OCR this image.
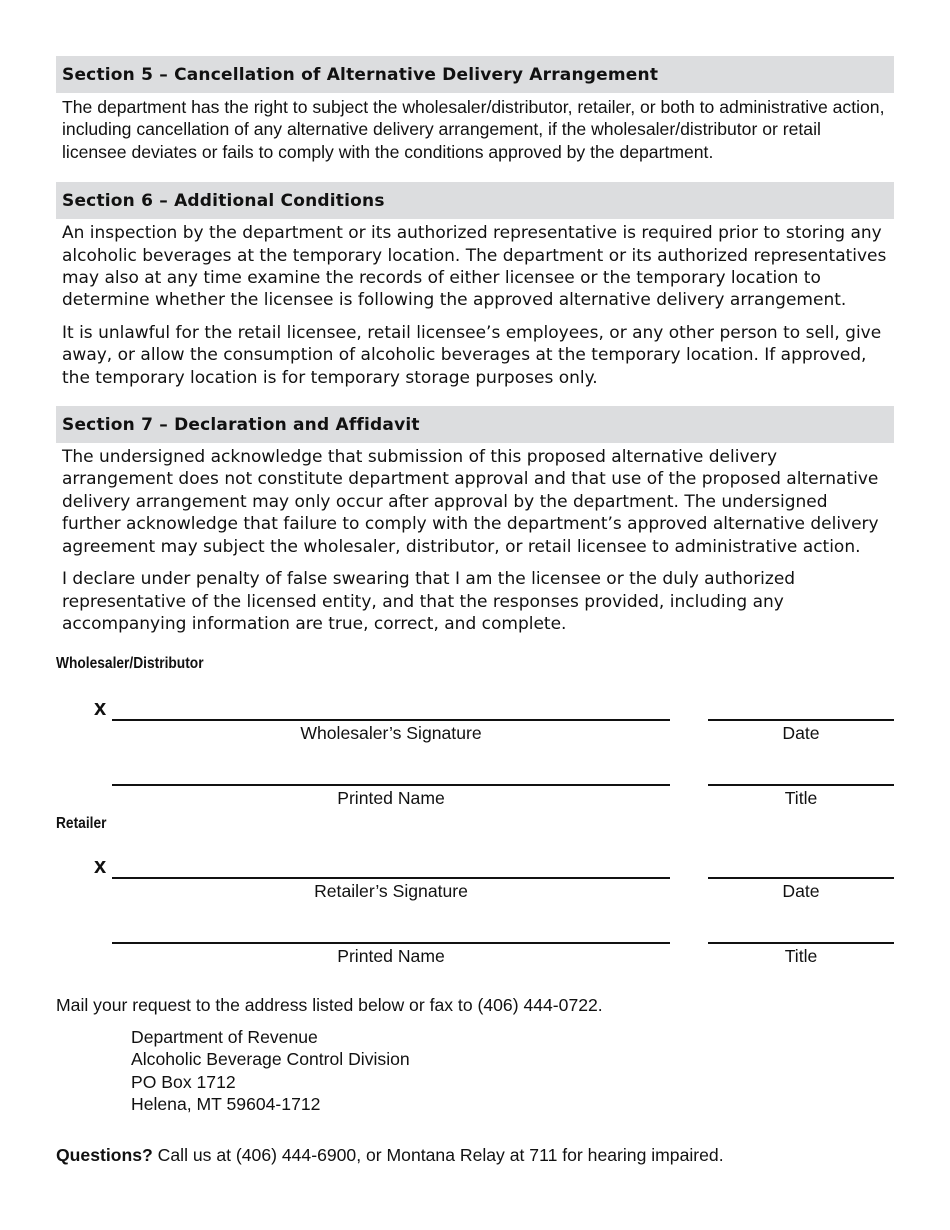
Section 5 – Cancellation of Alternative Delivery Arrangement

The department has the right to subject the wholesaler/distributor, retailer, or both to administrative action, including cancellation of any alternative delivery arrangement, if the wholesaler/distributor or retail licensee deviates or fails to comply with the conditions approved by the department.

Section 6 – Additional Conditions

An inspection by the department or its authorized representative is required prior to storing any alcoholic beverages at the temporary location. The department or its authorized representatives may also at any time examine the records of either licensee or the temporary location to determine whether the licensee is following the approved alternative delivery arrangement.

It is unlawful for the retail licensee, retail licensee’s employees, or any other person to sell, give away, or allow the consumption of alcoholic beverages at the temporary location. If approved, the temporary location is for temporary storage purposes only.

Section 7 – Declaration and Affidavit

The undersigned acknowledge that submission of this proposed alternative delivery arrangement does not constitute department approval and that use of the proposed alternative delivery arrangement may only occur after approval by the department. The undersigned further acknowledge that failure to comply with the department’s approved alternative delivery agreement may subject the wholesaler, distributor, or retail licensee to administrative action.

I declare under penalty of false swearing that I am the licensee or the duly authorized representative of the licensed entity, and that the responses provided, including any accompanying information are true, correct, and complete.

Wholesaler/Distributor
x
Wholesaler’s Signature	Date
Printed Name	Title
Retailer
x
Retailer’s Signature	Date
Printed Name	Title
Mail your request to the address listed below or fax to (406) 444-0722.
Department of Revenue
Alcoholic Beverage Control Division
PO Box 1712
Helena, MT 59604-1712
Questions? Call us at (406) 444-6900, or Montana Relay at 711 for hearing impaired.
